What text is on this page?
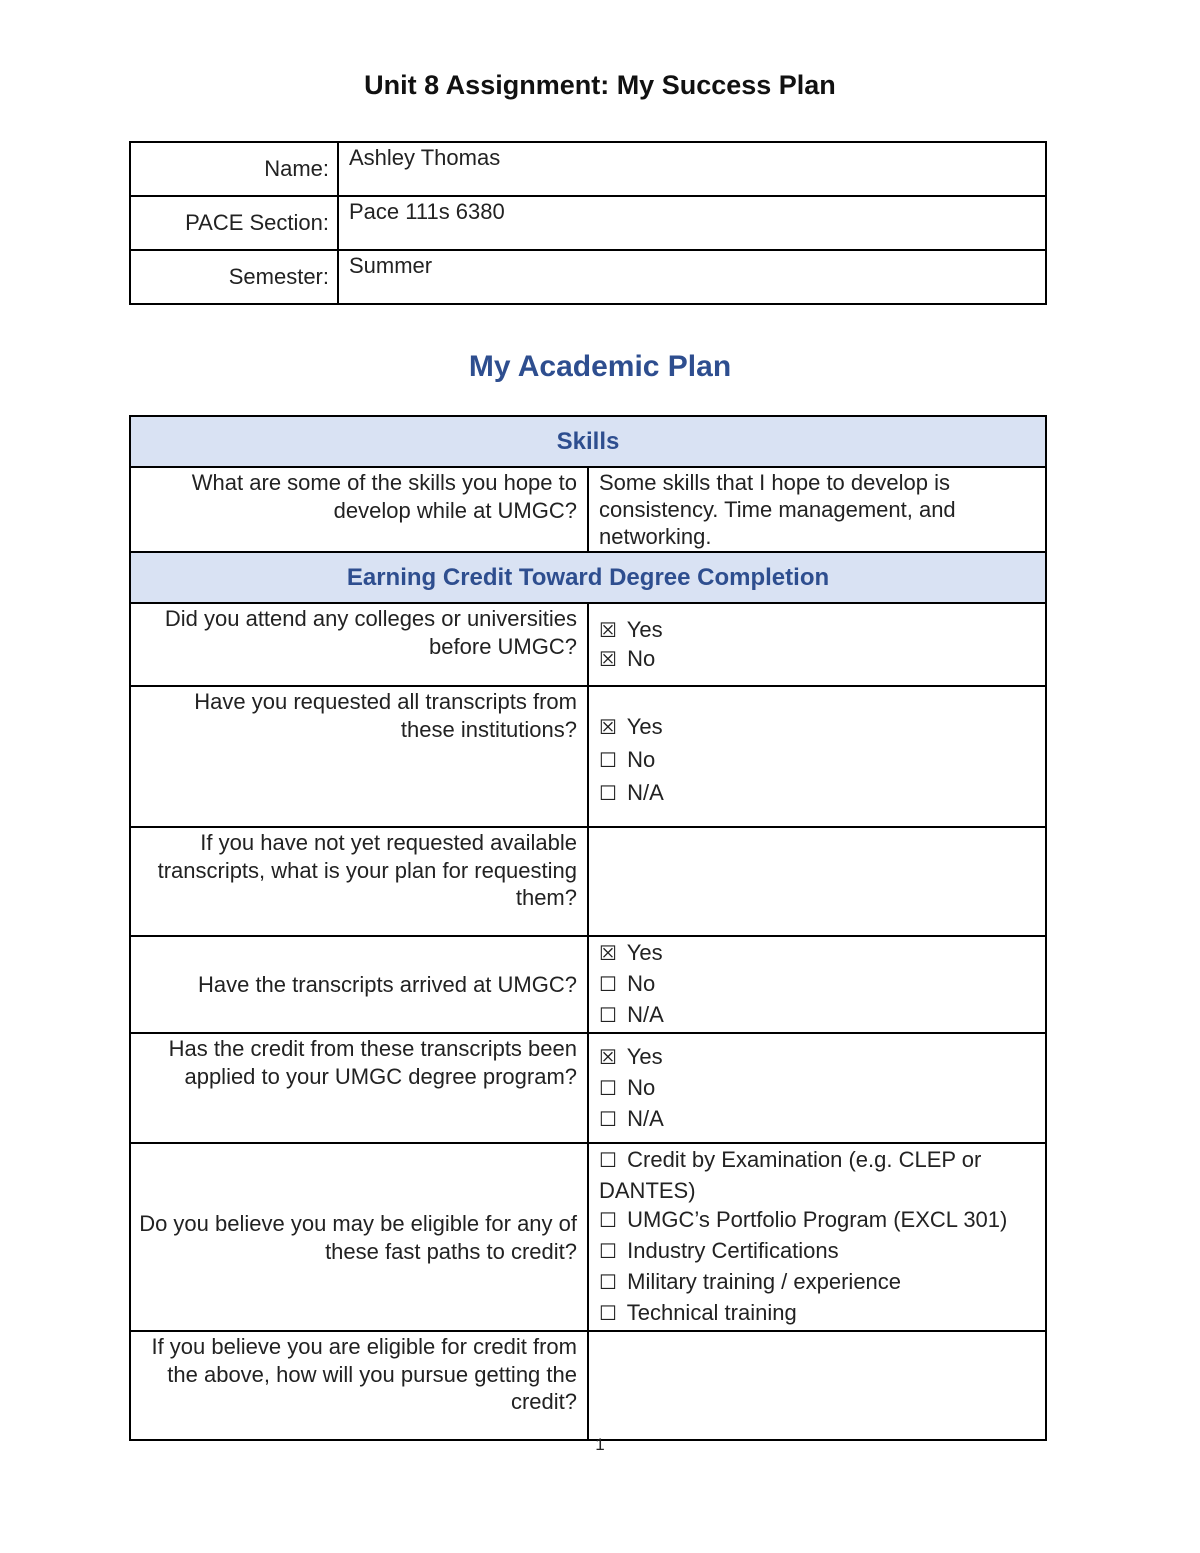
Unit 8 Assignment: My Success Plan
Name:	Ashley Thomas
PACE Section:	Pace 111s 6380
Semester:	Summer
My Academic Plan
Skills	
What are some of the skills you hope to develop while at UMGC?	Some skills that I hope to develop is consistency. Time management, and networking.
Earning Credit Toward Degree Completion	
Did you attend any colleges or universities before UMGC?	☒ Yes
☒ No

Have you requested all transcripts from these institutions?	☒ Yes
☐ No
☐ N/A

If you have not yet requested available transcripts, what is your plan for requesting them?	
Have the transcripts arrived at UMGC?	☒ Yes
☐ No
☐ N/A

Has the credit from these transcripts been applied to your UMGC degree program?	☒ Yes
☐ No
☐ N/A

Do you believe you may be eligible for any of these fast paths to credit?	☐ Credit by Examination (e.g. CLEP or DANTES)
☐ UMGC’s Portfolio Program (EXCL 301)
☐ Industry Certifications
☐ Military training / experience
☐ Technical training

If you believe you are eligible for credit from the above, how will you pursue getting the credit?	
1
